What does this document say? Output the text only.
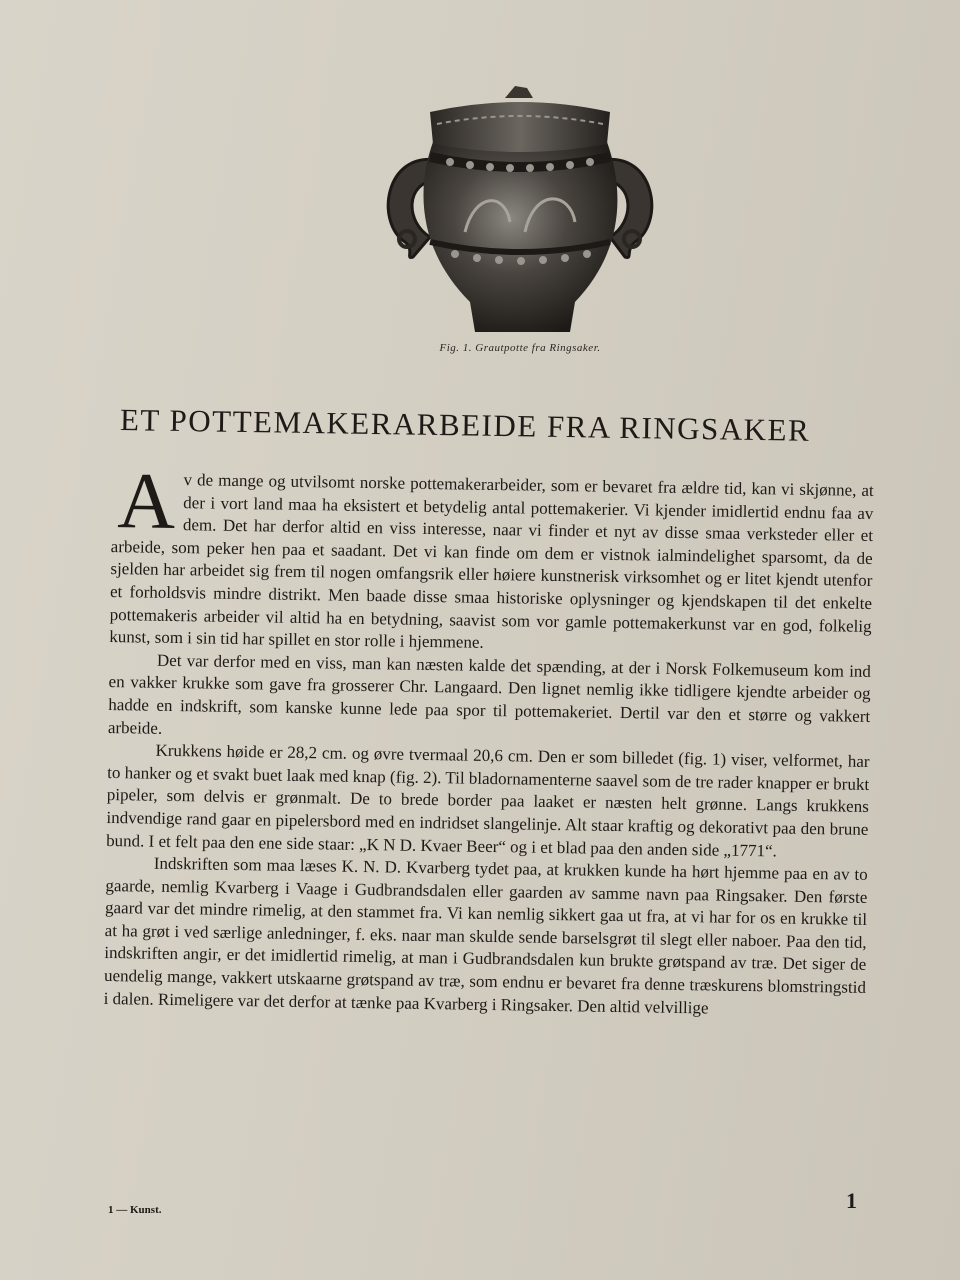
Fig. 1. Grautpotte fra Ringsaker.
ET POTTEMAKERARBEIDE FRA RINGSAKER
A v de mange og utvilsomt norske pottemakerarbeider, som er bevaret fra ældre tid, kan vi skjønne, at der i vort land maa ha eksistert et betydelig antal pottemakerier. Vi kjender imidlertid endnu faa av dem. Det har derfor altid en viss interesse, naar vi finder et nyt av disse smaa verksteder eller et arbeide, som peker hen paa et saadant. Det vi kan finde om dem er vistnok ialmindelighet sparsomt, da de sjelden har arbeidet sig frem til nogen omfangsrik eller høiere kunstnerisk virksomhet og er litet kjendt utenfor et forholdsvis mindre distrikt. Men baade disse smaa historiske oplysninger og kjendskapen til det enkelte pottemakeris arbeider vil altid ha en betydning, saavist som vor gamle pottemakerkunst var en god, folkelig kunst, som i sin tid har spillet en stor rolle i hjemmene.

Det var derfor med en viss, man kan næsten kalde det spænding, at der i Norsk Folkemuseum kom ind en vakker krukke som gave fra grosserer Chr. Langaard. Den lignet nemlig ikke tidligere kjendte arbeider og hadde en indskrift, som kanske kunne lede paa spor til pottemakeriet. Dertil var den et større og vakkert arbeide.

Krukkens høide er 28,2 cm. og øvre tvermaal 20,6 cm. Den er som billedet (fig. 1) viser, velformet, har to hanker og et svakt buet laak med knap (fig. 2). Til bladornamenterne saavel som de tre rader knapper er brukt pipeler, som delvis er grønmalt. De to brede border paa laaket er næsten helt grønne. Langs krukkens indvendige rand gaar en pipelersbord med en indridset slangelinje. Alt staar kraftig og dekorativt paa den brune bund. I et felt paa den ene side staar: „K N D. Kvaer Beer“ og i et blad paa den anden side „1771“.

Indskriften som maa læses K. N. D. Kvarberg tydet paa, at krukken kunde ha hørt hjemme paa en av to gaarde, nemlig Kvarberg i Vaage i Gudbrandsdalen eller gaarden av samme navn paa Ringsaker. Den første gaard var det mindre rimelig, at den stammet fra. Vi kan nemlig sikkert gaa ut fra, at vi har for os en krukke til at ha grøt i ved særlige anledninger, f. eks. naar man skulde sende barselsgrøt til slegt eller naboer. Paa den tid, indskriften angir, er det imidlertid rimelig, at man i Gudbrandsdalen kun brukte grøtspand av træ. Det siger de uendelig mange, vakkert utskaarne grøtspand av træ, som endnu er bevaret fra denne træskurens blomstringstid i dalen. Rimeligere var det derfor at tænke paa Kvarberg i Ringsaker. Den altid velvillige

1 — Kunst.	1
